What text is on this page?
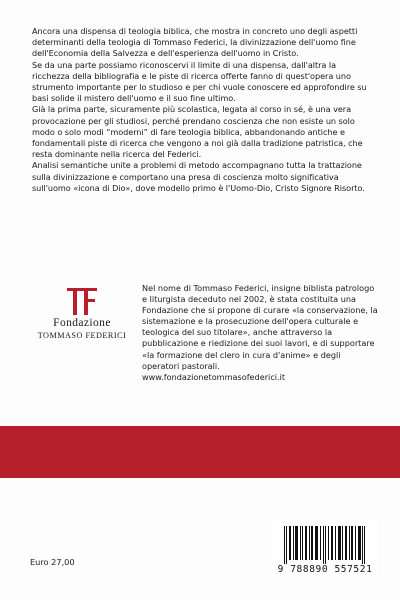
Ancora una dispensa di teologia biblica, che mostra in concreto uno degli aspetti determinanti della teologia di Tommaso Federici, la divinizzazione dell'uomo fine dell'Economia della Salvezza e dell'esperienza dell'uomo in Cristo.

Se da una parte possiamo riconoscervi il limite di una dispensa, dall'altra la ricchezza della bibliografia e le piste di ricerca offerte fanno di quest'opera uno strumento importante per lo studioso e per chi vuole conoscere ed approfondire su basi solide il mistero dell'uomo e il suo fine ultimo.

Già la prima parte, sicuramente più scolastica, legata al corso in sé, è una vera provocazione per gli studiosi, perché prendano coscienza che non esiste un solo modo o solo modi “moderni” di fare teologia biblica, abbandonando antiche e fondamentali piste di ricerca che vengono a noi già dalla tradizione patristica, che resta dominante nella ricerca del Federici.

Analisi semantiche unite a problemi di metodo accompagnano tutta la trattazione sulla divinizzazione e comportano una presa di coscienza molto significativa sull'uomo «icona di Dio», dove modello primo è l'Uomo-Dio, Cristo Signore Risorto.

Fondazione
TOMMASO FEDERICI

Nel nome di Tommaso Federici, insigne biblista patrologo e liturgista deceduto nel 2002, è stata costituita una Fondazione che si propone di curare «la conservazione, la sistemazione e la prosecuzione dell'opera culturale e teologica del suo titolare», anche attraverso la pubblicazione e riedizione dei suoi lavori, e di supportare «la formazione del clero in cura d'anime» e degli operatori pastorali.

www.fondazionetommasofederici.it

Euro 27,00
9 788890 557521
